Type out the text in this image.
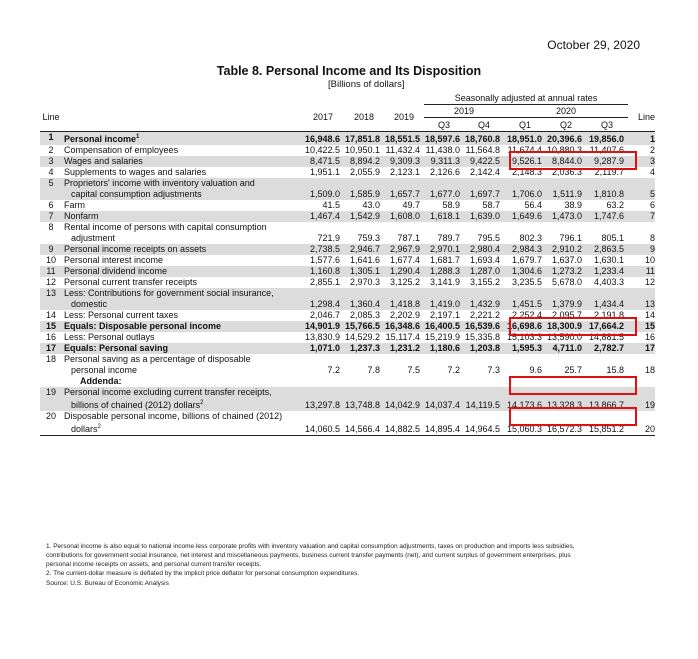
October 29, 2020
Table 8. Personal Income and Its Disposition
[Billions of dollars]
					Seasonally adjusted at annual rates					
Line		2017	2018	2019	2019		2020			Line
					Q3	Q4	Q1	Q2	Q3	
1	Personal income$^1$	16,948.6	17,851.8	18,551.5	18,597.6	18,760.8	18,951.0	20,396.6	19,856.0	1
2	Compensation of employees	10,422.5	10,950.1	11,432.4	11,438.0	11,564.8	11,674.4	10,880.3	11,407.6	2
3	Wages and salaries	8,471.5	8,894.2	9,309.3	9,311.3	9,422.5	9,526.1	8,844.0	9,287.9	3
4	Supplements to wages and salaries	1,951.1	2,055.9	2,123.1	2,126.6	2,142.4	2,148.3	2,036.3	2,119.7	4
5	Proprietors' income with inventory valuation and
capital consumption adjustments	1,509.0	1,585.9	1,657.7	1,677.0	1,697.7	1,706.0	1,511.9	1,810.8	5
6	Farm	41.5	43.0	49.7	58.9	58.7	56.4	38.9	63.2	6
7	Nonfarm	1,467.4	1,542.9	1,608.0	1,618.1	1,639.0	1,649.6	1,473.0	1,747.6	7
8	Rental income of persons with capital consumption
adjustment	721.9	759.3	787.1	789.7	795.5	802.3	796.1	805.1	8
9	Personal income receipts on assets	2,738.5	2,946.7	2,967.9	2,970.1	2,980.4	2,984.3	2,910.2	2,863.5	9
10	Personal interest income	1,577.6	1,641.6	1,677.4	1,681.7	1,693.4	1,679.7	1,637.0	1,630.1	10
11	Personal dividend income	1,160.8	1,305.1	1,290.4	1,288.3	1,287.0	1,304.6	1,273.2	1,233.4	11
12	Personal current transfer receipts	2,855.1	2,970.3	3,125.2	3,141.9	3,155.2	3,235.5	5,678.0	4,403.3	12
13	Less: Contributions for government social insurance,
domestic	1,298.4	1,360.4	1,418.8	1,419.0	1,432.9	1,451.5	1,379.9	1,434.4	13
14	Less: Personal current taxes	2,046.7	2,085.3	2,202.9	2,197.1	2,221.2	2,252.4	2,095.7	2,191.8	14
15	Equals: Disposable personal income	14,901.9	15,766.5	16,348.6	16,400.5	16,539.6	16,698.6	18,300.9	17,664.2	15
16	Less: Personal outlays	13,830.9	14,529.2	15,117.4	15,219.9	15,335.8	15,103.3	13,590.0	14,881.5	16
17	Equals: Personal saving	1,071.0	1,237.3	1,231.2	1,180.6	1,203.8	1,595.3	4,711.0	2,782.7	17
18	Personal saving as a percentage of disposable
personal income	7.2	7.8	7.5	7.2	7.3	9.6	25.7	15.8	18
	Addenda:									
19	Personal income excluding current transfer receipts,
billions of chained (2012) dollars$^2$	13,297.8	13,748.8	14,042.9	14,037.4	14,119.5	14,173.6	13,328.3	13,866.7	19
20	Disposable personal income, billions of chained (2012)
dollars$^2$	14,060.5	14,566.4	14,882.5	14,895.4	14,964.5	15,060.3	16,572.3	15,851.2	20
1. Personal income is also equal to national income less corporate profits with inventory valuation and capital consumption adjustments, taxes on production and imports less subsidies,
contributions for government social insurance, net interest and miscellaneous payments, business current transfer payments (net), and current surplus of government enterprises, plus
personal income receipts on assets, and personal current transfer receipts.
2. The current-dollar measure is deflated by the implicit price deflator for personal consumption expenditures.
Source: U.S. Bureau of Economic Analysis
